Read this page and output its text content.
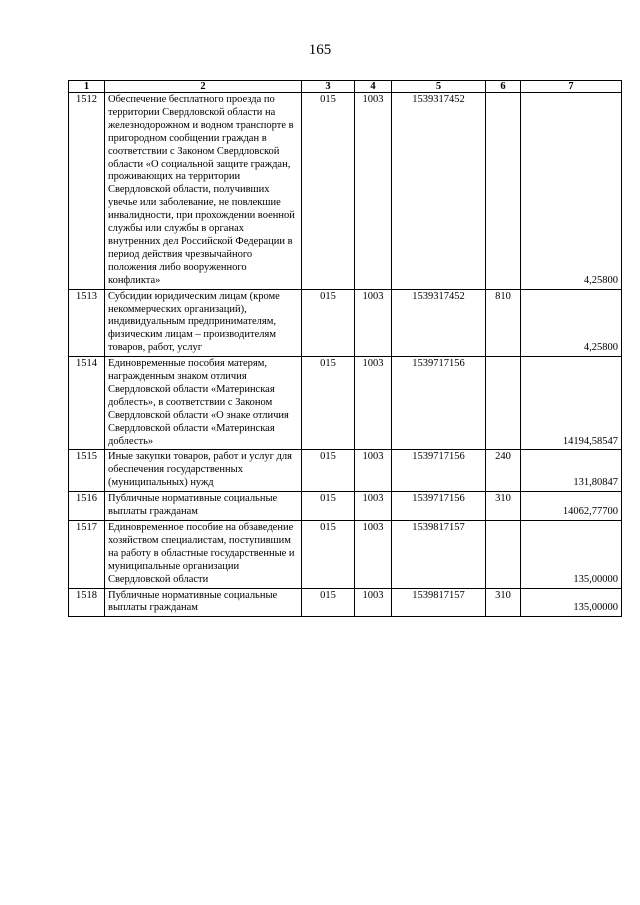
165
1	2	3	4	5	6	7
1512	Обеспечение бесплатного проезда по территории Свердловской области на железнодорожном и водном транспорте в пригородном сообщении граждан в соответствии с Законом Свердловской области «О социальной защите граждан, проживающих на территории Свердловской области, получивших увечье или заболевание, не повлекшие инвалидности, при прохождении военной службы или службы в органах внутренних дел Российской Федерации в период действия чрезвычайного положения либо вооруженного конфликта»	015	1003	1539317452		4,25800
1513	Субсидии юридическим лицам (кроме некоммерческих организаций), индивидуальным предпринимателям, физическим лицам – производителям товаров, работ, услуг	015	1003	1539317452	810	4,25800
1514	Единовременные пособия матерям, награжденным знаком отличия Свердловской области «Материнская доблесть», в соответствии с Законом Свердловской области «О знаке отличия Свердловской области «Материнская доблесть»	015	1003	1539717156		14194,58547
1515	Иные закупки товаров, работ и услуг для обеспечения государственных (муниципальных) нужд	015	1003	1539717156	240	131,80847
1516	Публичные нормативные социальные выплаты гражданам	015	1003	1539717156	310	14062,77700
1517	Единовременное пособие на обзаведение хозяйством специалистам, поступившим на работу в областные государственные и муниципальные организации Свердловской области	015	1003	1539817157		135,00000
1518	Публичные нормативные социальные выплаты гражданам	015	1003	1539817157	310	135,00000
